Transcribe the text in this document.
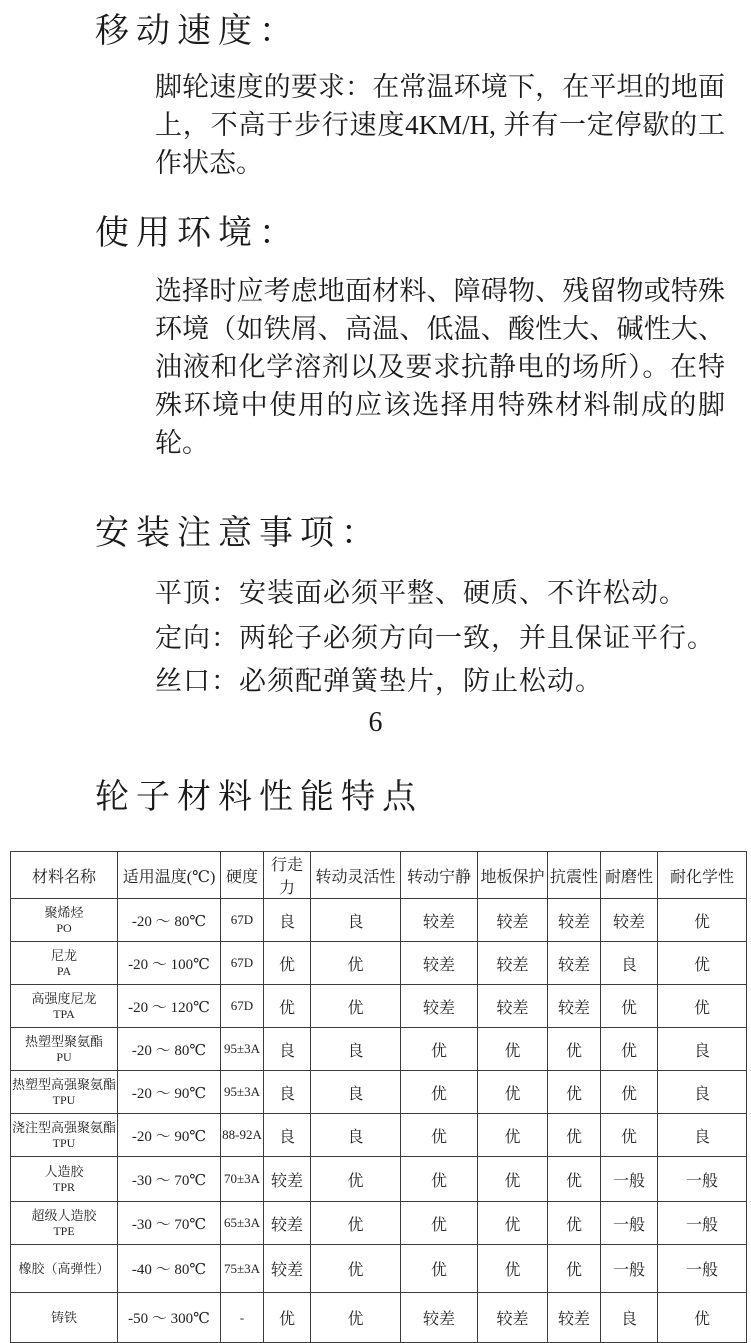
移动速度：

脚轮速度的要求：在常温环境下，在平坦的地面上，不高于步行速度4KM/H, 并有一定停歇的工作状态。

使用环境：

选择时应考虑地面材料、障碍物、残留物或特殊环境（如铁屑、高温、低温、酸性大、碱性大、油液和化学溶剂以及要求抗静电的场所）。在特殊环境中使用的应该选择用特殊材料制成的脚轮。

安装注意事项：

平顶：安装面必须平整、硬质、不许松动。

定向：两轮子必须方向一致，并且保证平行。

丝口：必须配弹簧垫片，防止松动。

6
轮子材料性能特点
材料名称	适用温度(℃)	硬度	行走力	转动灵活性	转动宁静	地板保护	抗震性	耐磨性	耐化学性

聚烯烃
PO	-20 ～ 80℃	67D	良	良	较差	较差	较差	较差	优

尼龙
PA	-20 ～ 100℃	67D	优	优	较差	较差	较差	良	优

高强度尼龙
TPA	-20 ～ 120℃	67D	优	优	较差	较差	较差	优	优

热塑型聚氨酯
PU	-20 ～ 80℃	95±3A	良	良	优	优	优	优	良

热塑型高强聚氨酯
TPU	-20 ～ 90℃	95±3A	良	良	优	优	优	优	良

浇注型高强聚氨酯
TPU	-20 ～ 90℃	88-92A	良	良	优	优	优	优	良

人造胶
TPR	-30 ～ 70℃	70±3A	较差	优	优	优	优	一般	一般

超级人造胶
TPE	-30 ～ 70℃	65±3A	较差	优	优	优	优	一般	一般

橡胶（高弹性）	-40 ～ 80℃	75±3A	较差	优	优	优	优	一般	一般

铸铁	-50 ～ 300℃	-	优	优	较差	较差	较差	良	优
